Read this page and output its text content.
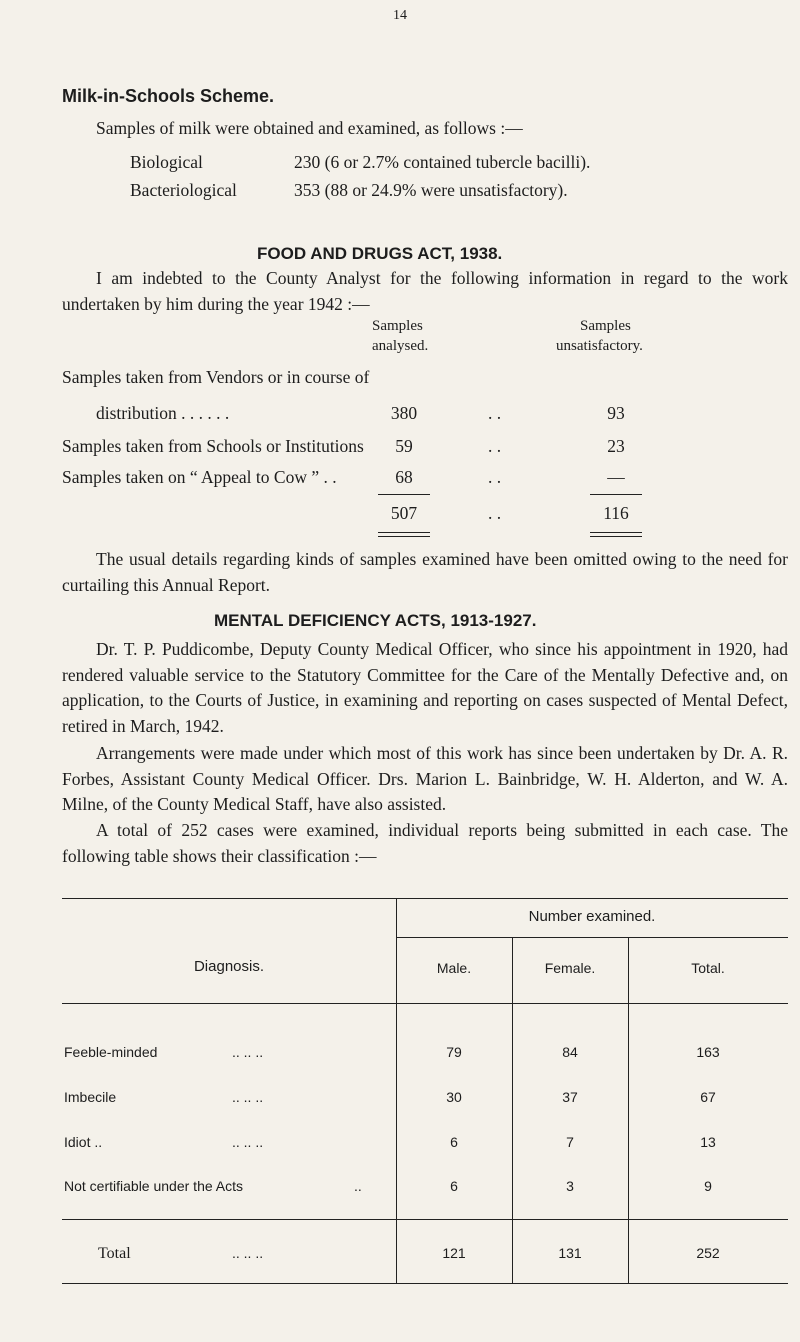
14
Milk-in-Schools Scheme.
Samples of milk were obtained and examined, as follows :—
Biological	230 (6 or 2.7% contained tubercle bacilli).
Bacteriological	353 (88 or 24.9% were unsatisfactory).
FOOD AND DRUGS ACT, 1938.
I am indebted to the County Analyst for the following information in regard to the work undertaken by him during the year 1942 :—
Samples
analysed.
Samples
unsatisfactory.
Samples taken from Vendors or in course of
distribution . . . . . .	380	. .	93
Samples taken from Schools or Institutions	59	. .	23
Samples taken on “ Appeal to Cow ” . .	68	. .	—
507	. .	116
The usual details regarding kinds of samples examined have been omitted owing to the need for curtailing this Annual Report.
MENTAL DEFICIENCY ACTS, 1913-1927.
Dr. T. P. Puddicombe, Deputy County Medical Officer, who since his appointment in 1920, had rendered valuable service to the Statutory Committee for the Care of the Mentally Defective and, on application, to the Courts of Justice, in examining and reporting on cases suspected of Mental Defect, retired in March, 1942.
Arrangements were made under which most of this work has since been undertaken by Dr. A. R. Forbes, Assistant County Medical Officer. Drs. Marion L. Bainbridge, W. H. Alderton, and W. A. Milne, of the County Medical Staff, have also assisted.
A total of 252 cases were examined, individual reports being submitted in each case. The following table shows their classification :—
Number examined.
Diagnosis.	Male.	Female.	Total.
Feeble-minded	.. .. ..	79	84	163
Imbecile	.. .. ..	30	37	67
Idiot ..	.. .. ..	6	7	13
Not certifiable under the Acts	..	6	3	9
Total	.. .. ..	121	131	252
